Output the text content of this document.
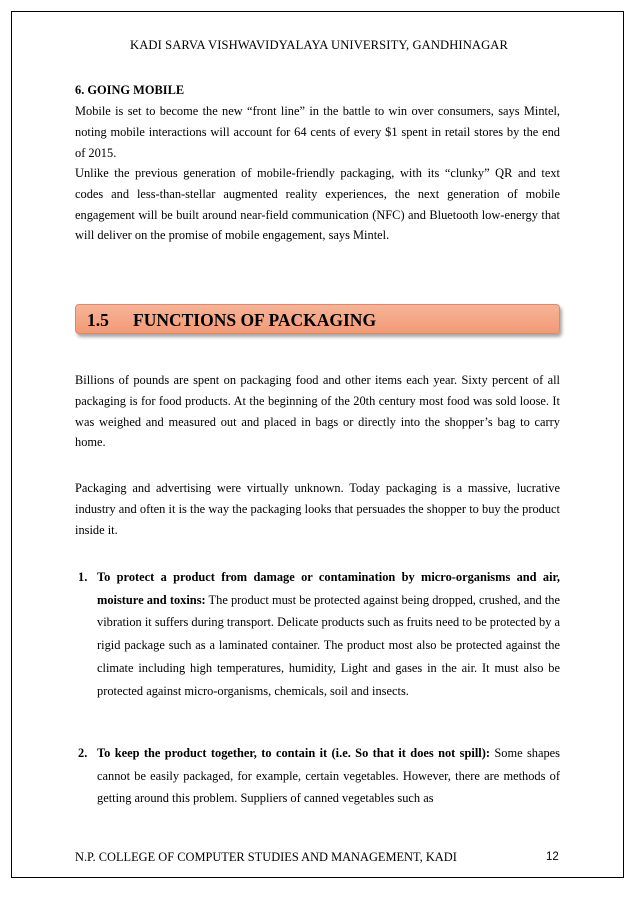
KADI SARVA VISHWAVIDYALAYA UNIVERSITY, GANDHINAGAR
6. GOING MOBILE
Mobile is set to become the new “front line” in the battle to win over consumers, says Mintel, noting mobile interactions will account for 64 cents of every $1 spent in retail stores by the end of 2015.
Unlike the previous generation of mobile-friendly packaging, with its “clunky” QR and text codes and less-than-stellar augmented reality experiences, the next generation of mobile engagement will be built around near-field communication (NFC) and Bluetooth low-energy that will deliver on the promise of mobile engagement, says Mintel.
1.5 FUNCTIONS OF PACKAGING
Billions of pounds are spent on packaging food and other items each year. Sixty percent of all packaging is for food products. At the beginning of the 20th century most food was sold loose. It was weighed and measured out and placed in bags or directly into the shopper’s bag to carry home.
Packaging and advertising were virtually unknown. Today packaging is a massive, lucrative industry and often it is the way the packaging looks that persuades the shopper to buy the product inside it.
1. To protect a product from damage or contamination by micro-organisms and air, moisture and toxins: The product must be protected against being dropped, crushed, and the vibration it suffers during transport. Delicate products such as fruits need to be protected by a rigid package such as a laminated container. The product most also be protected against the climate including high temperatures, humidity, Light and gases in the air. It must also be protected against micro-organisms, chemicals, soil and insects.
2. To keep the product together, to contain it (i.e. So that it does not spill): Some shapes cannot be easily packaged, for example, certain vegetables. However, there are methods of getting around this problem. Suppliers of canned vegetables such as
N.P. COLLEGE OF COMPUTER STUDIES AND MANAGEMENT, KADI	12
